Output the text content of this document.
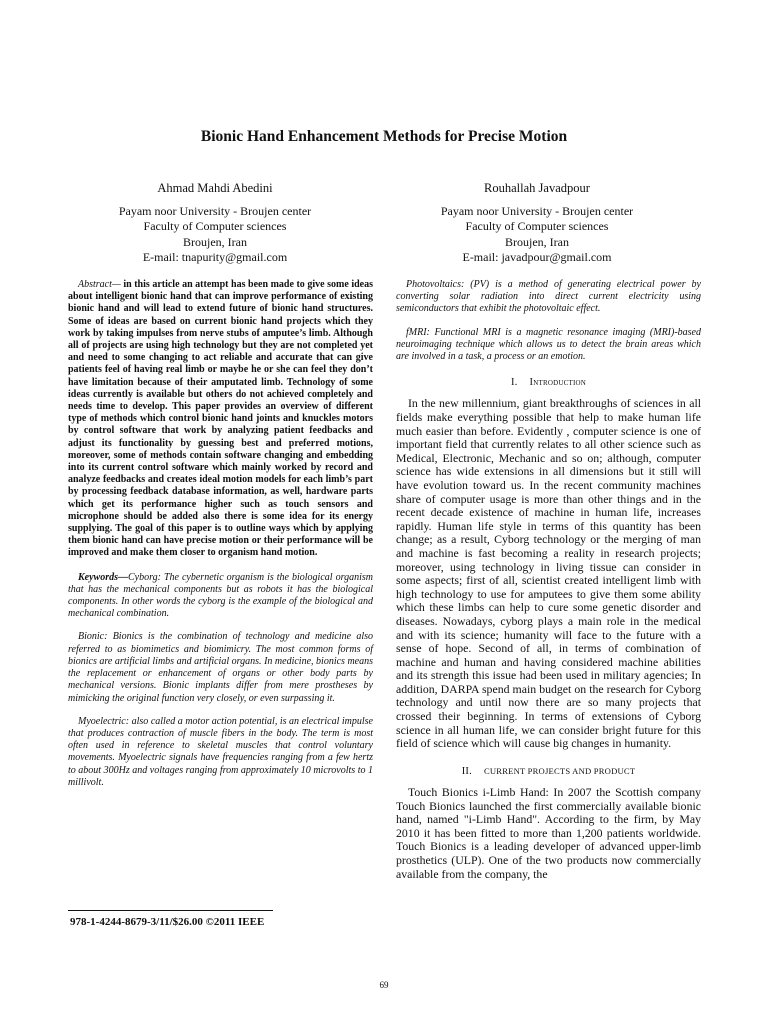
Bionic Hand Enhancement Methods for Precise Motion
Ahmad Mahdi Abedini
Payam noor University - Broujen center
Faculty of Computer sciences
Broujen, Iran
E-mail: tnapurity@gmail.com
Rouhallah Javadpour
Payam noor University - Broujen center
Faculty of Computer sciences
Broujen, Iran
E-mail: javadpour@gmail.com

Abstract— in this article an attempt has been made to give some ideas about intelligent bionic hand that can improve performance of existing bionic hand and will lead to extend future of bionic hand structures. Some of ideas are based on current bionic hand projects which they work by taking impulses from nerve stubs of amputee’s limb. Although all of projects are using high technology but they are not completed yet and need to some changing to act reliable and accurate that can give patients feel of having real limb or maybe he or she can feel they don’t have limitation because of their amputated limb. Technology of some ideas currently is available but others do not achieved completely and needs time to develop. This paper provides an overview of different type of methods which control bionic hand joints and knuckles motors by control software that work by analyzing patient feedbacks and adjust its functionality by guessing best and preferred motions, moreover, some of methods contain software changing and embedding into its current control software which mainly worked by record and analyze feedbacks and creates ideal motion models for each limb’s part by processing feedback database information, as well, hardware parts which get its performance higher such as touch sensors and microphone should be added also there is some idea for its energy supplying. The goal of this paper is to outline ways which by applying them bionic hand can have precise motion or their performance will be improved and make them closer to organism hand motion.

Keywords—Cyborg: The cybernetic organism is the biological organism that has the mechanical components but as robots it has the biological components. In other words the cyborg is the example of the biological and mechanical combination.

Bionic: Bionics is the combination of technology and medicine also referred to as biomimetics and biomimicry. The most common forms of bionics are artificial limbs and artificial organs. In medicine, bionics means the replacement or enhancement of organs or other body parts by mechanical versions. Bionic implants differ from mere prostheses by mimicking the original function very closely, or even surpassing it.

Myoelectric: also called a motor action potential, is an electrical impulse that produces contraction of muscle fibers in the body. The term is most often used in reference to skeletal muscles that control voluntary movements. Myoelectric signals have frequencies ranging from a few hertz to about 300Hz and voltages ranging from approximately 10 microvolts to 1 millivolt.

Photovoltaics: (PV) is a method of generating electrical power by converting solar radiation into direct current electricity using semiconductors that exhibit the photovoltaic effect.

fMRI: Functional MRI is a magnetic resonance imaging (MRI)-based neuroimaging technique which allows us to detect the brain areas which are involved in a task, a process or an emotion.

I. Introduction

In the new millennium, giant breakthroughs of sciences in all fields make everything possible that help to make human life much easier than before. Evidently , computer science is one of important field that currently relates to all other science such as Medical, Electronic, Mechanic and so on; although, computer science has wide extensions in all dimensions but it still will have evolution toward us. In the recent community machines share of computer usage is more than other things and in the recent decade existence of machine in human life, increases rapidly. Human life style in terms of this quantity has been change; as a result, Cyborg technology or the merging of man and machine is fast becoming a reality in research projects; moreover, using technology in living tissue can consider in some aspects; first of all, scientist created intelligent limb with high technology to use for amputees to give them some ability which these limbs can help to cure some genetic disorder and diseases. Nowadays, cyborg plays a main role in the medical and with its science; humanity will face to the future with a sense of hope. Second of all, in terms of combination of machine and human and having considered machine abilities and its strength this issue had been used in military agencies; In addition, DARPA spend main budget on the research for Cyborg technology and until now there are so many projects that crossed their beginning. In terms of extensions of Cyborg science in all human life, we can consider bright future for this field of science which will cause big changes in humanity.

II. CURRENT PROJECTS AND PRODUCT

Touch Bionics i-Limb Hand: In 2007 the Scottish company Touch Bionics launched the first commercially available bionic hand, named "i-Limb Hand". According to the firm, by May 2010 it has been fitted to more than 1,200 patients worldwide. Touch Bionics is a leading developer of advanced upper-limb prosthetics (ULP). One of the two products now commercially available from the company, the

978-1-4244-8679-3/11/$26.00 ©2011 IEEE
69
